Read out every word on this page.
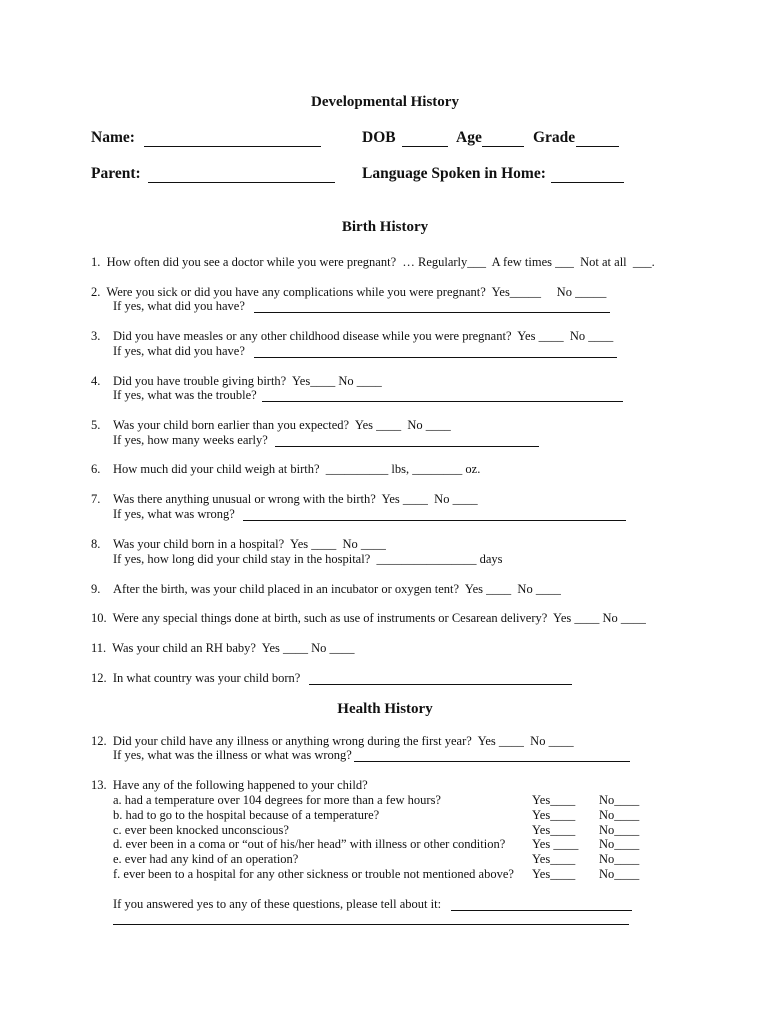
Developmental History
Name:	DOB	Age	Grade
Parent:	Language Spoken in Home:
Birth History
1.  How often did you see a doctor while you were pregnant?  … Regularly___  A few times ___  Not at all  ___.
2.  Were you sick or did you have any complications while you were pregnant?  Yes_____     No _____
If yes, what did you have?
3. Did you have measles or any other childhood disease while you were pregnant?  Yes ____  No ____
If yes, what did you have?
4. Did you have trouble giving birth?  Yes____ No ____
If yes, what was the trouble?
5. Was your child born earlier than you expected?  Yes ____  No ____
If yes, how many weeks early?
6. How much did your child weigh at birth?  __________ lbs, ________ oz.
7. Was there anything unusual or wrong with the birth?  Yes ____  No ____
If yes, what was wrong?
8. Was your child born in a hospital?  Yes ____  No ____
If yes, how long did your child stay in the hospital?  ________________ days
9. After the birth, was your child placed in an incubator or oxygen tent?  Yes ____  No ____
10.  Were any special things done at birth, such as use of instruments or Cesarean delivery?  Yes ____ No ____
11.  Was your child an RH baby?  Yes ____ No ____
12.  In what country was your child born?
Health History
12.  Did your child have any illness or anything wrong during the first year?  Yes ____  No ____
If yes, what was the illness or what was wrong?
13.  Have any of the following happened to your child?
a. had a temperature over 104 degrees for more than a few hours?	Yes____ No____
b. had to go to the hospital because of a temperature?	Yes____ No____
c. ever been knocked unconscious?	Yes____ No____
d. ever been in a coma or “out of his/her head” with illness or other condition? Yes ____ No____
e. ever had any kind of an operation?	Yes____ No____
f. ever been to a hospital for any other sickness or trouble not mentioned above? Yes____ No____
If you answered yes to any of these questions, please tell about it:
